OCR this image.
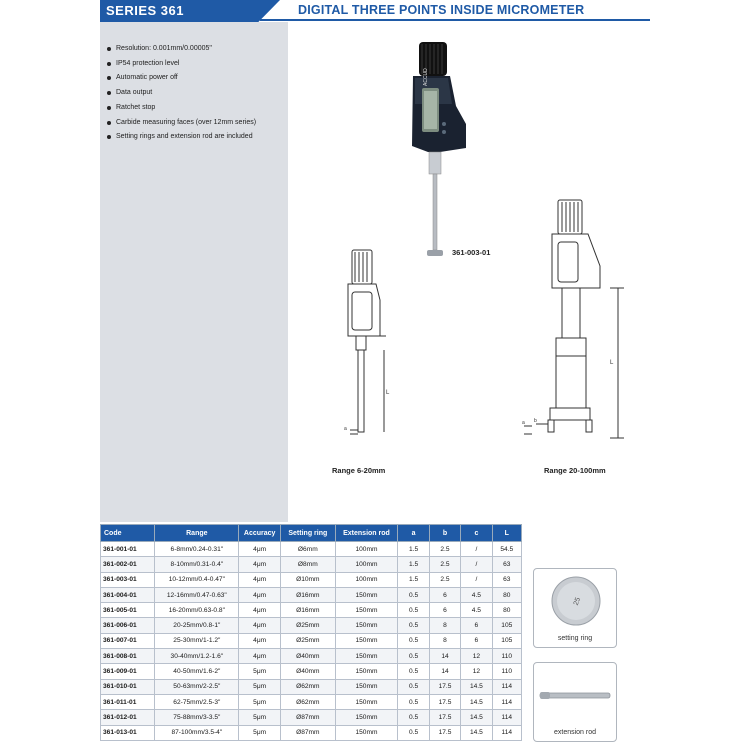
SERIES 361	DIGITAL THREE POINTS INSIDE MICROMETER
Resolution: 0.001mm/0.00005"
IP54 protection level
Automatic power off
Data output
Ratchet stop
Carbide measuring faces (over 12mm series)
Setting rings and extension rod are included
ACCUD
361-003-01
L
a
Range 6-20mm
L
a b
Range 20-100mm
Code	Range	Accuracy	Setting ring	Extension rod	a	b	c	L
361-001-01	6-8mm/0.24-0.31"	4μm	Ø6mm	100mm	1.5	2.5	/	54.5
361-002-01	8-10mm/0.31-0.4"	4μm	Ø8mm	100mm	1.5	2.5	/	63
361-003-01	10-12mm/0.4-0.47"	4μm	Ø10mm	100mm	1.5	2.5	/	63
361-004-01	12-16mm/0.47-0.63"	4μm	Ø16mm	150mm	0.5	6	4.5	80
361-005-01	16-20mm/0.63-0.8"	4μm	Ø16mm	150mm	0.5	6	4.5	80
361-006-01	20-25mm/0.8-1"	4μm	Ø25mm	150mm	0.5	8	6	105
361-007-01	25-30mm/1-1.2"	4μm	Ø25mm	150mm	0.5	8	6	105
361-008-01	30-40mm/1.2-1.6"	4μm	Ø40mm	150mm	0.5	14	12	110
361-009-01	40-50mm/1.6-2"	5μm	Ø40mm	150mm	0.5	14	12	110
361-010-01	50-63mm/2-2.5"	5μm	Ø62mm	150mm	0.5	17.5	14.5	114
361-011-01	62-75mm/2.5-3"	5μm	Ø62mm	150mm	0.5	17.5	14.5	114
361-012-01	75-88mm/3-3.5"	5μm	Ø87mm	150mm	0.5	17.5	14.5	114
361-013-01	87-100mm/3.5-4"	5μm	Ø87mm	150mm	0.5	17.5	14.5	114
25
setting ring
extension rod
